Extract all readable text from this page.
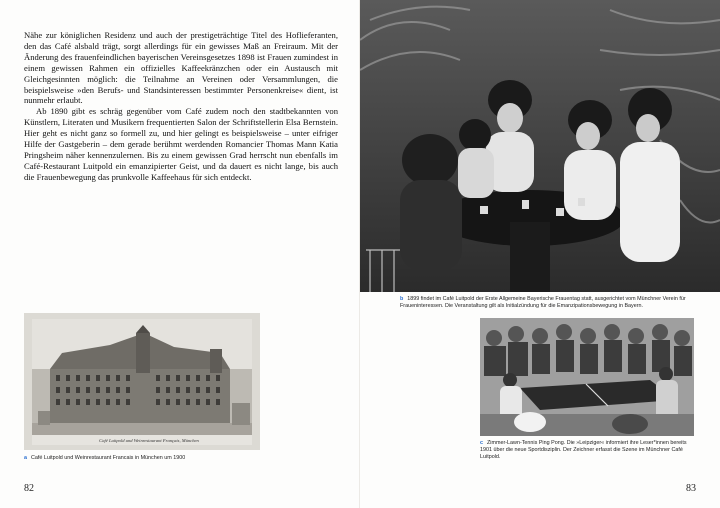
Nähe zur königlichen Residenz und auch der prestigeträchtige Titel des Hoflieferanten, den das Café alsbald trägt, sorgt allerdings für ein gewisses Maß an Freiraum. Mit der Änderung des frauenfeindlichen bayerischen Vereinsgesetzes 1898 ist Frauen zumindest in einem gewissen Rahmen ein offizielles Kaffeekränzchen oder ein Austausch mit Gleichgesinnten möglich: die Teilnahme an Vereinen oder Versammlungen, die beispielsweise »den Berufs- und Standsinteressen bestimmter Personenkreise« dient, ist nunmehr erlaubt.

Ab 1890 gibt es schräg gegenüber vom Café zudem noch den stadtbekannten von Künstlern, Literaten und Musikern frequentierten Salon der Schriftstellerin Elsa Bernstein. Hier geht es nicht ganz so formell zu, und hier gelingt es beispielsweise – unter eifriger Hilfe der Gastgeberin – dem gerade berühmt werdenden Romancier Thomas Mann Katia Pringsheim näher kennenzulernen. Bis zu einem gewissen Grad herrscht nun ebenfalls im Café-Restaurant Luitpold ein emanzipierter Geist, und da dauert es nicht lange, bis auch die Frauenbewegung das prunkvolle Kaffeehaus für sich entdeckt.

Café Luitpold und Weinrestaurant Français, München
a Café Luitpold und Weinrestaurant Francais in München um 1900
82
b 1899 findet im Café Luitpold der Erste Allgemeine Bayerische Frauentag statt, ausgerichtet vom Münchner Verein für Fraueninteressen. Die Veranstaltung gilt als Initialzündung für die Emanzipationsbewegung in Bayern.
c Zimmer-Lawn-Tennis Ping Pong. Die »Leipziger« informiert ihre Leser*innen bereits 1901 über die neue Sportdisziplin. Der Zeichner erfasst die Szene im Münchner Café Luitpold.
83
